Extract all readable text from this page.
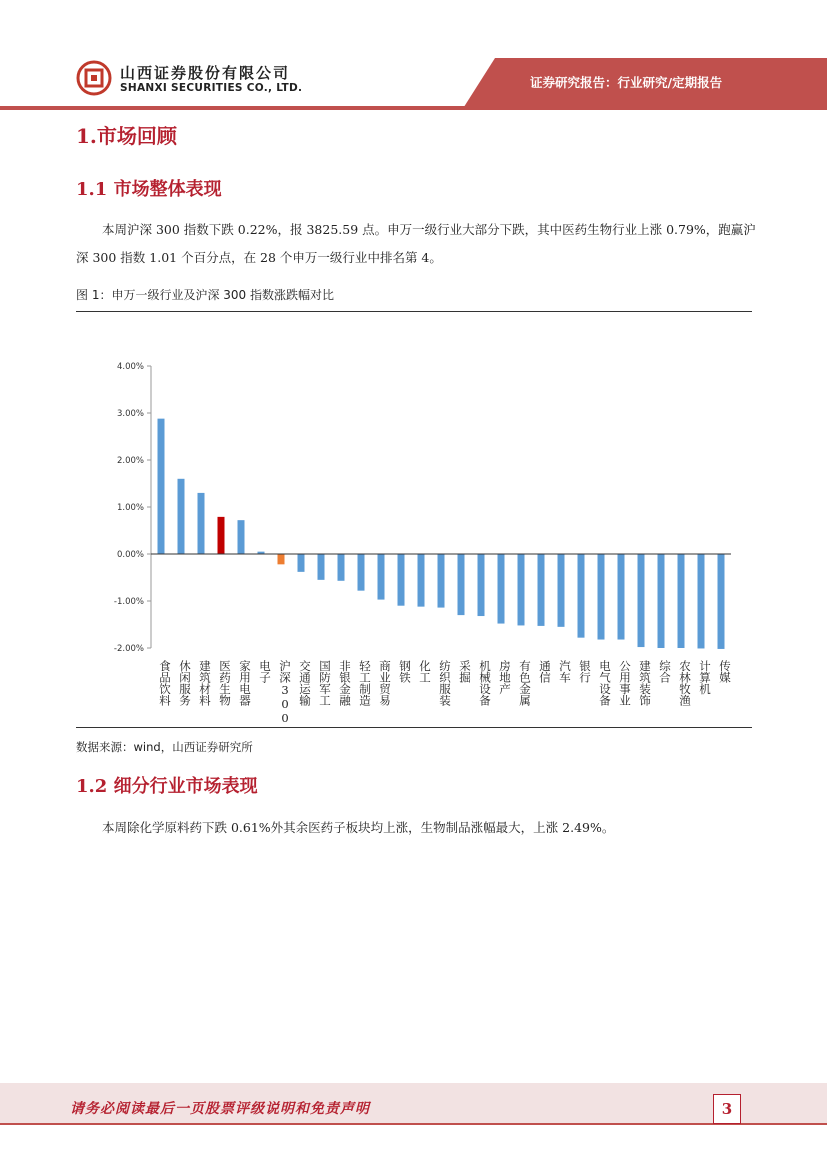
山西证券股份有限公司
SHANXI SECURITIES CO., LTD.	证券研究报告：行业研究/定期报告
1.市场回顾
1.1 市场整体表现
本周沪深 300 指数下跌 0.22%，报 3825.59 点。申万一级行业大部分下跌，其中医药生物行业上涨 0.79%，跑赢沪深 300 指数 1.01 个百分点，在 28 个申万一级行业中排名第 4。
图 1：申万一级行业及沪深 300 指数涨跌幅对比
4.00%
3.00%
2.00%
1.00%
0.00%
-1.00%
-2.00%
食品饮料 休闲服务 建筑材料 医药生物 家用电器 电子 沪深300 交通运输 国防军工 非银金融 轻工制造 商业贸易 钢铁 化工 纺织服装 采掘 机械设备 房地产 有色金属 通信 汽车 银行 电气设备 公用事业 建筑装饰 综合 农林牧渔 计算机 传媒
数据来源：wind，山西证券研究所
1.2 细分行业市场表现
本周除化学原料药下跌 0.61%外其余医药子板块均上涨，生物制品涨幅最大，上涨 2.49%。
请务必阅读最后一页股票评级说明和免责声明	3
